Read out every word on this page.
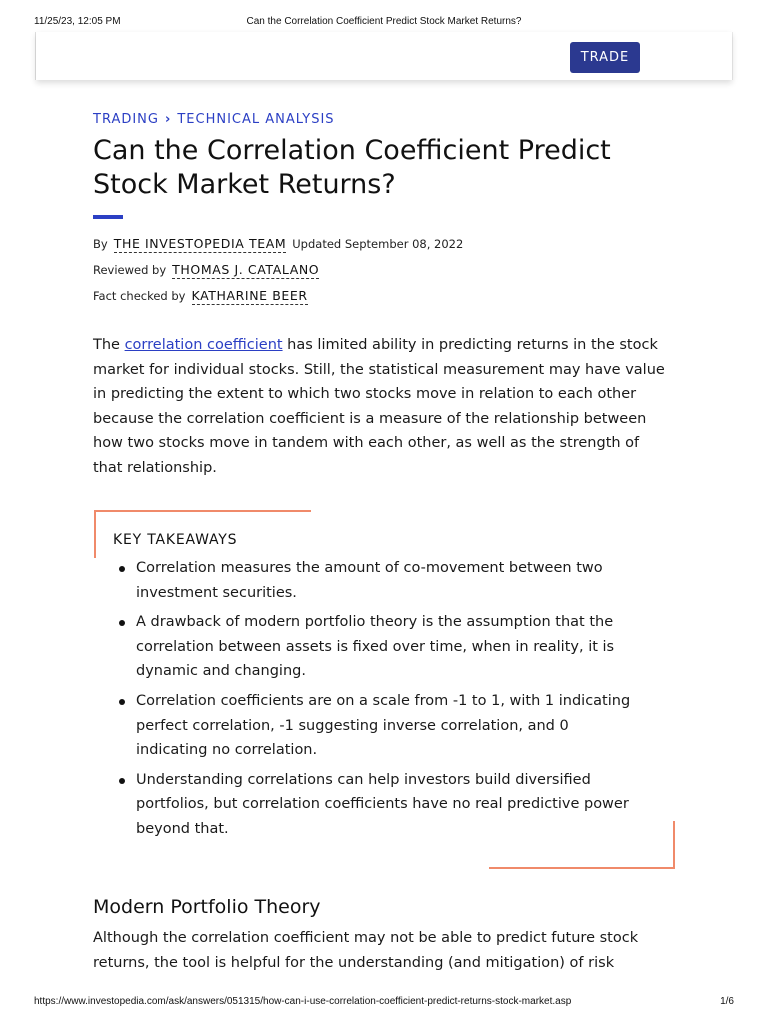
11/25/23, 12:05 PM	Can the Correlation Coefficient Predict Stock Market Returns?
TRADE
TRADING › TECHNICAL ANALYSIS
Can the Correlation Coefficient Predict Stock Market Returns?
By THE INVESTOPEDIA TEAM Updated September 08, 2022
Reviewed by THOMAS J. CATALANO
Fact checked by KATHARINE BEER

The correlation coefficient has limited ability in predicting returns in the stock market for individual stocks. Still, the statistical measurement may have value in predicting the extent to which two stocks move in relation to each other because the correlation coefficient is a measure of the relationship between how two stocks move in tandem with each other, as well as the strength of that relationship.

KEY TAKEAWAYS
Correlation measures the amount of co-movement between two investment securities.
A drawback of modern portfolio theory is the assumption that the correlation between assets is fixed over time, when in reality, it is dynamic and changing.
Correlation coefficients are on a scale from -1 to 1, with 1 indicating perfect correlation, -1 suggesting inverse correlation, and 0 indicating no correlation.
Understanding correlations can help investors build diversified portfolios, but correlation coefficients have no real predictive power beyond that.
Modern Portfolio Theory

Although the correlation coefficient may not be able to predict future stock returns, the tool is helpful for the understanding (and mitigation) of risk

https://www.investopedia.com/ask/answers/051315/how-can-i-use-correlation-coefficient-predict-returns-stock-market.asp	1/6
